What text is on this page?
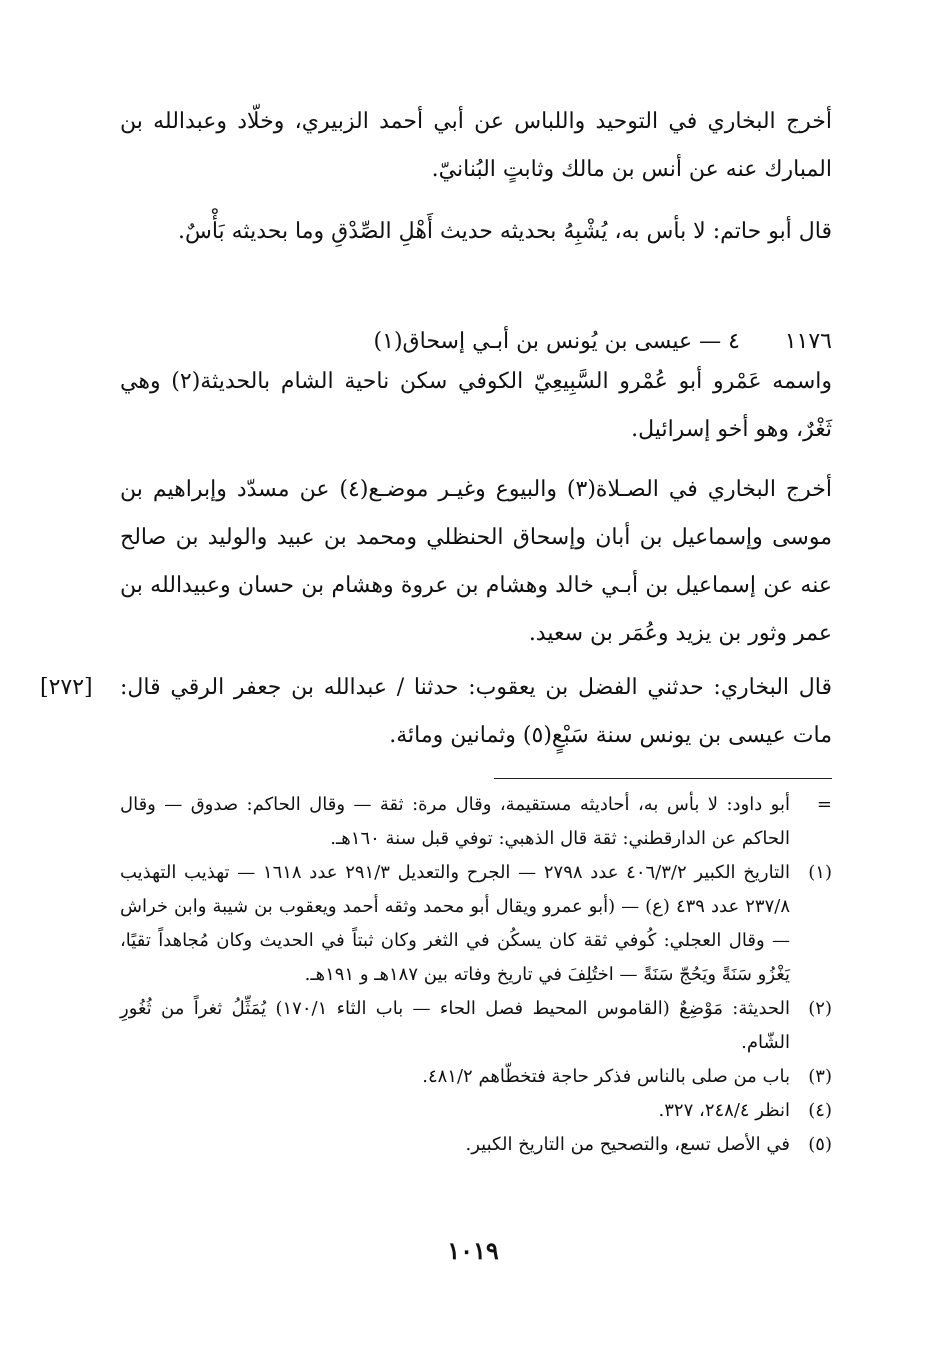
أخرج البخاري في التوحيد واللباس عن أبي أحمد الزبيري، وخلّاد وعبدالله بن المبارك عنه عن أنس بن مالك وثابتٍ البُنانيّ.
قال أبو حاتم: لا بأس به، يُشْبِهُ بحديثه حديث أَهْلِ الصِّدْقِ وما بحديثه بَأْسٌ.
١١٧٦٤ — عيسى بن يُونس بن أبـي إسحاق(١)
واسمه عَمْرو أبو عُمْرو السَّبِيعِيّ الكوفي سكن ناحية الشام بالحديثة(٢) وهي ثَغْرٌ، وهو أخو إسرائيل.
أخرج البخاري في الصـلاة(٣) والبيوع وغيـر موضـع(٤) عن مسدّد وإبراهيم بن موسى وإسماعيل بن أبان وإسحاق الحنظلي ومحمد بن عبيد والوليد بن صالح عنه عن إسماعيل بن أبـي خالد وهشام بن عروة وهشام بن حسان وعبيدالله بن عمر وثور بن يزيد وعُمَر بن سعيد.
[٢٧٢] قال البخاري: حدثني الفضل بن يعقوب: حدثنا / عبدالله بن جعفر الرقي قال: مات عيسى بن يونس سنة سَبْعٍ(٥) وثمانين ومائة.
=
أبو داود: لا بأس به، أحاديثه مستقيمة، وقال مرة: ثقة — وقال الحاكم: صدوق — وقال الحاكم عن الدارقطني: ثقة قال الذهبي: توفي قبل سنة ١٦٠هـ.
(١)
التاريخ الكبير ٤٠٦/٣/٢ عدد ٢٧٩٨ — الجرح والتعديل ٢٩١/٣ عدد ١٦١٨ — تهذيب التهذيب ٢٣٧/٨ عدد ٤٣٩ (ع) — (أبو عمرو ويقال أبو محمد وثقه أحمد ويعقوب بن شيبة وابن خراش — وقال العجلي: كُوفي ثقة كان يسكُن في الثغر وكان ثبتاً في الحديث وكان مُجاهداً تقيًا، يَغْزُو سَنَةً ويَحُجّ سَنَةً — اختُلِفَ في تاريخ وفاته بين ١٨٧هـ و ١٩١هـ.
(٢)
الحديثة: مَوْضِعٌ (القاموس المحيط فصل الحاء — باب الثاء ١٧٠/١) يُمَثِّلُ ثغراً من ثُغُورِ الشّام.
(٣)
باب من صلى بالناس فذكر حاجة فتخطّاهم ٤٨١/٢.
(٤)
انظر ٢٤٨/٤، ٣٢٧.
(٥)
في الأصل تسع، والتصحيح من التاريخ الكبير.
١٠١٩
